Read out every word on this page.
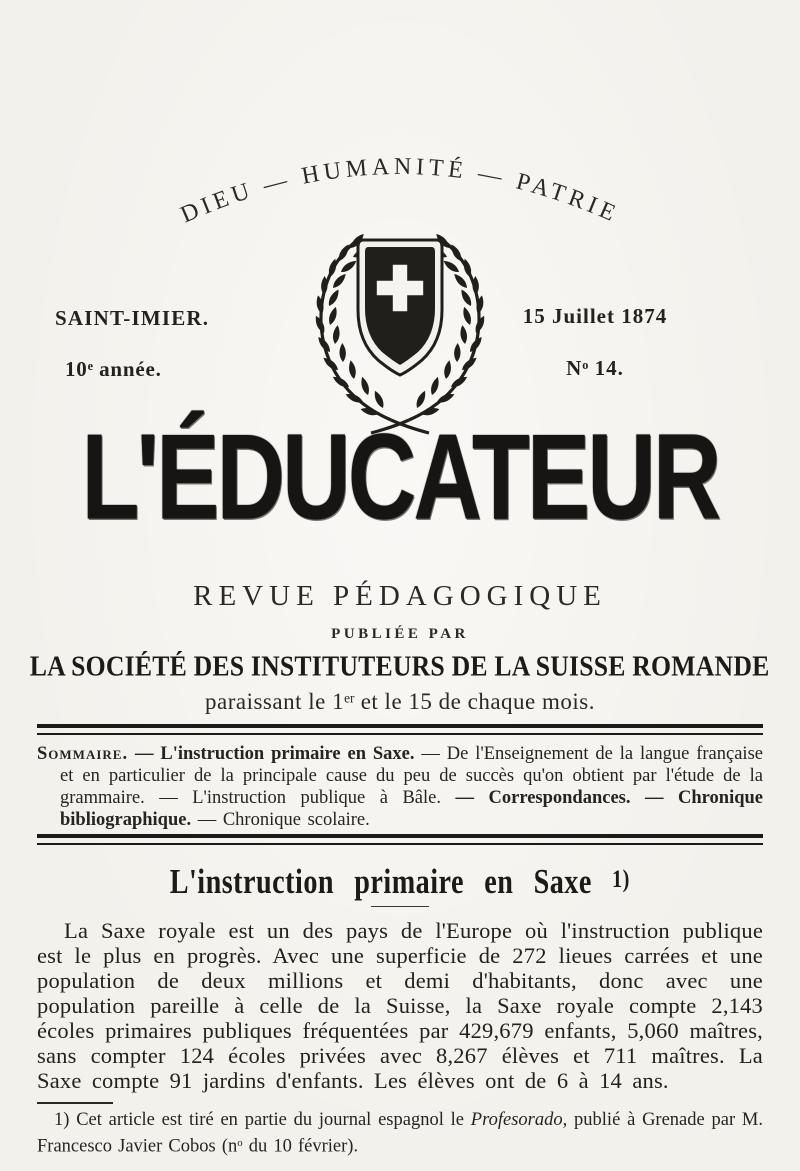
DIEU — HUMANITÉ — PATRIE
SAINT-IMIER.
10e année.
15 Juillet 1874
$N^o$ 14.
L'ÉDUCATEUR
REVUE PÉDAGOGIQUE
PUBLIÉE PAR
LA SOCIÉTÉ DES INSTITUTEURS DE LA SUISSE ROMANDE
paraissant le 1er et le 15 de chaque mois.

Sommaire. — L'instruction primaire en Saxe. — De l'Enseignement de la langue française et en particulier de la principale cause du peu de succès qu'on obtient par l'étude de la grammaire. — L'instruction publique à Bâle. — Correspondances. — Chronique bibliographique. — Chronique scolaire.

L'instruction primaire en Saxe 1)

La Saxe royale est un des pays de l'Europe où l'instruction publique est le plus en progrès. Avec une superficie de 272 lieues carrées et une population de deux millions et demi d'habitants, donc avec une population pareille à celle de la Suisse, la Saxe royale compte 2,143 écoles primaires publiques fréquentées par 429,679 enfants, 5,060 maîtres, sans compter 124 écoles privées avec 8,267 élèves et 711 maîtres. La Saxe compte 91 jardins d'enfants. Les élèves ont de 6 à 14 ans.

1) Cet article est tiré en partie du journal espagnol le Profesorado, publié à Grenade par M. Francesco Javier Cobos ($n^o$ du 10 février).
